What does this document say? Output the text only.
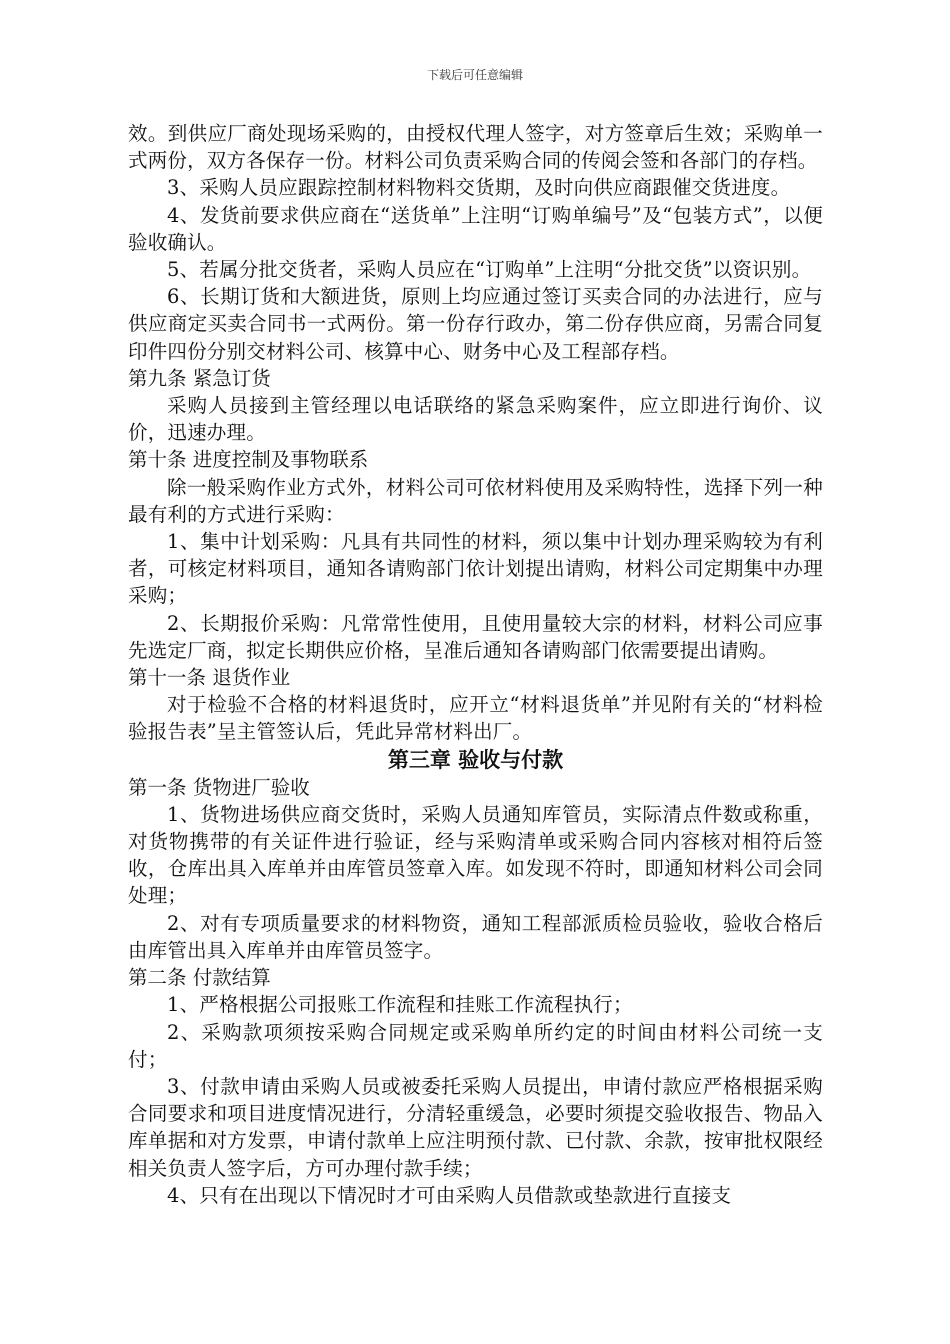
下载后可任意编辑

效。到供应厂商处现场采购的，由授权代理人签字，对方签章后生效；采购单一式两份，双方各保存一份。材料公司负责采购合同的传阅会签和各部门的存档。

3、采购人员应跟踪控制材料物料交货期，及时向供应商跟催交货进度。

4、发货前要求供应商在“送货单”上注明“订购单编号”及“包装方式”，以便验收确认。

5、若属分批交货者，采购人员应在“订购单”上注明“分批交货”以资识别。

6、长期订货和大额进货，原则上均应通过签订买卖合同的办法进行，应与供应商定买卖合同书一式两份。第一份存行政办，第二份存供应商，另需合同复印件四份分别交材料公司、核算中心、财务中心及工程部存档。

第九条 紧急订货

采购人员接到主管经理以电话联络的紧急采购案件，应立即进行询价、议价，迅速办理。

第十条 进度控制及事物联系

除一般采购作业方式外，材料公司可依材料使用及采购特性，选择下列一种最有利的方式进行采购：

1、集中计划采购：凡具有共同性的材料，须以集中计划办理采购较为有利者，可核定材料项目，通知各请购部门依计划提出请购，材料公司定期集中办理采购；

2、长期报价采购：凡常常性使用，且使用量较大宗的材料，材料公司应事先选定厂商，拟定长期供应价格，呈准后通知各请购部门依需要提出请购。

第十一条 退货作业

对于检验不合格的材料退货时，应开立“材料退货单”并见附有关的“材料检验报告表”呈主管签认后，凭此异常材料出厂。

第三章 验收与付款

第一条 货物进厂验收

1、货物进场供应商交货时，采购人员通知库管员，实际清点件数或称重，对货物携带的有关证件进行验证，经与采购清单或采购合同内容核对相符后签收，仓库出具入库单并由库管员签章入库。如发现不符时，即通知材料公司会同处理；

2、对有专项质量要求的材料物资，通知工程部派质检员验收，验收合格后由库管出具入库单并由库管员签字。

第二条 付款结算

1、严格根据公司报账工作流程和挂账工作流程执行；

2、采购款项须按采购合同规定或采购单所约定的时间由材料公司统一支付；

3、付款申请由采购人员或被委托采购人员提出，申请付款应严格根据采购合同要求和项目进度情况进行，分清轻重缓急，必要时须提交验收报告、物品入库单据和对方发票，申请付款单上应注明预付款、已付款、余款，按审批权限经相关负责人签字后，方可办理付款手续；

4、只有在出现以下情况时才可由采购人员借款或垫款进行直接支
